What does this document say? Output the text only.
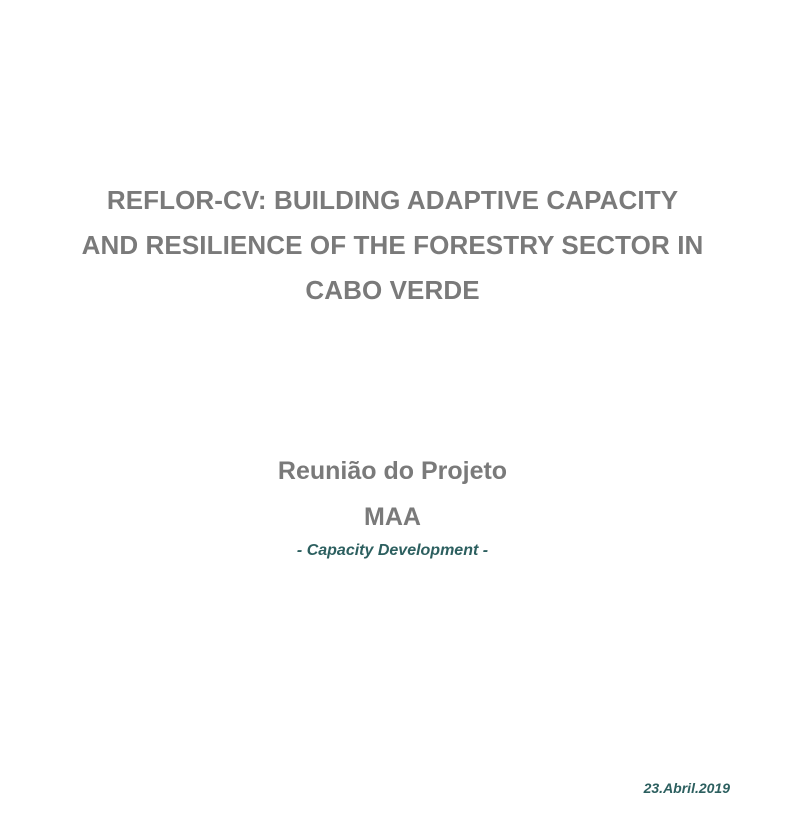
REFLOR-CV: BUILDING ADAPTIVE CAPACITY
AND RESILIENCE OF THE FORESTRY SECTOR IN
CABO VERDE
Reunião do Projeto
MAA
- Capacity Development -
23.Abril.2019
